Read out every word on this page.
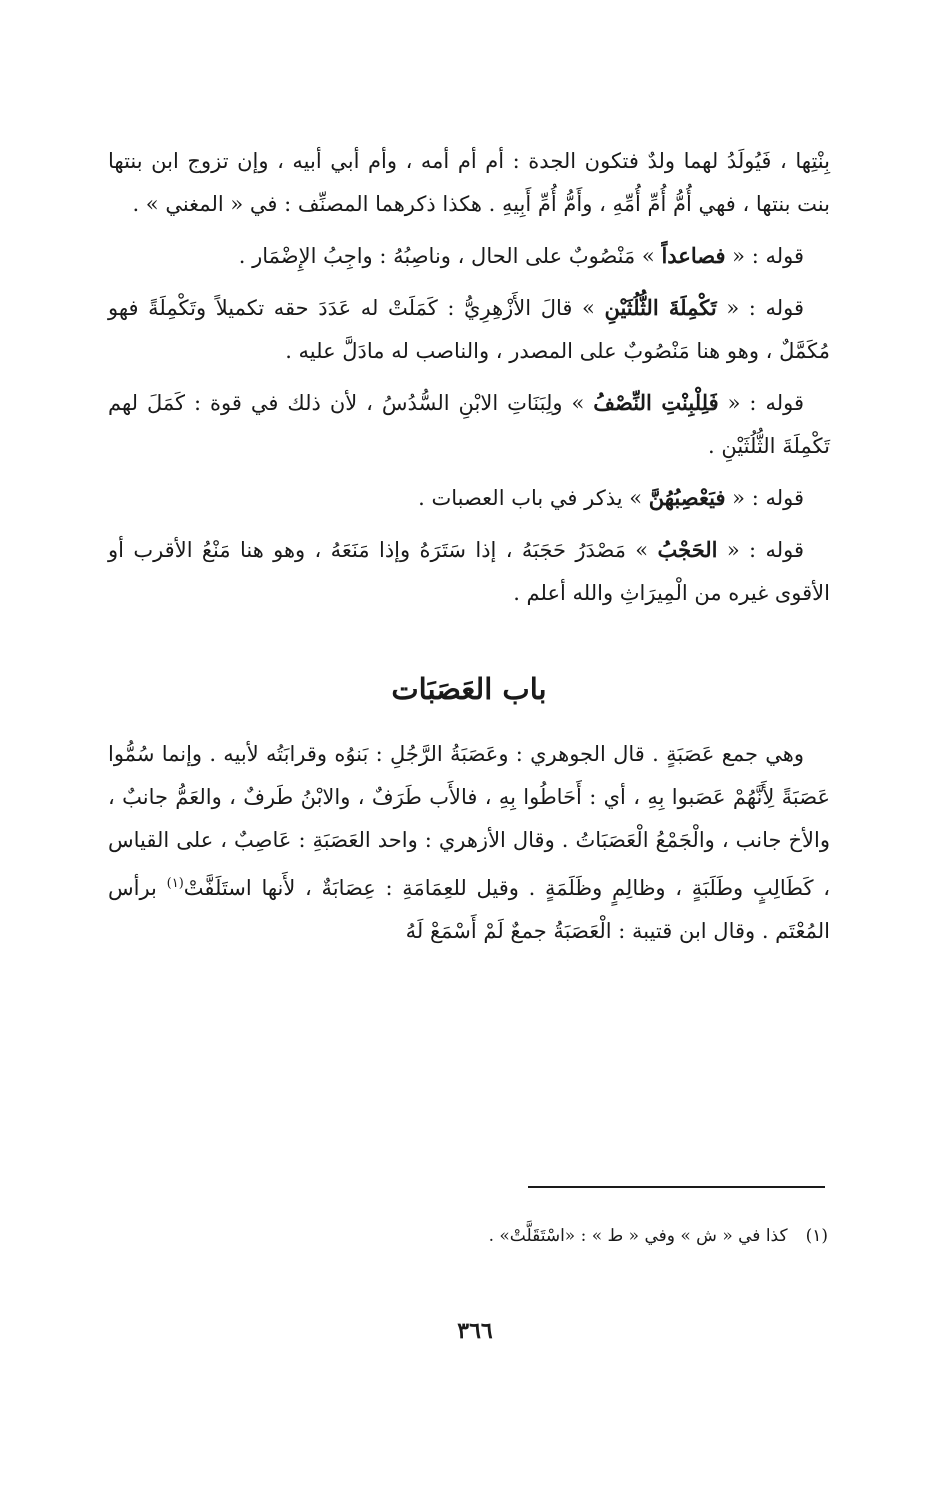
بِنْتِها ، فَيُولَدُ لهما ولدٌ فتكون الجدة : أم أم أمه ، وأم أبي أبيه ، وإن تزوج ابن بنتها بنت بنتها ، فهي أُمُّ أُمِّ أُمِّهِ ، وأَمُّ أُمِّ أَبِيهِ . هكذا ذكرهما المصنِّف : في « المغني » .

قوله : « فصاعداً » مَنْصُوبٌ على الحال ، وناصِبُهُ : واجِبُ الإِضْمَار .

قوله : « تَكْمِلَةَ الثُّلُثَيْنِ » قالَ الأَزْهِرِيُّ : كَمَلَتْ له عَدَدَ حقه تكميلاً وتَكْمِلَةً فهو مُكَمَّلٌ ، وهو هنا مَنْصُوبٌ على المصدر ، والناصب له مادَلَّ عليه .

قوله : « فَلِلْبِنْتِ النِّصْفُ » ولِبَنَاتِ الابْنِ السُّدُسُ ، لأن ذلك في قوة : كَمَلَ لهم تَكْمِلَةَ الثُّلُثَيْنِ .

قوله : « فيَعْصِبُهُنَّ » يذكر في باب العصبات .

قوله : « الحَجْبُ » مَصْدَرُ حَجَبَهُ ، إذا سَتَرَهُ وإذا مَنَعَهُ ، وهو هنا مَنْعُ الأقرب أو الأقوى غيره من الْمِيرَاثِ والله أعلم .

باب العَصَبَات

وهي جمع عَصَبَةٍ . قال الجوهري : وعَصَبَةُ الرَّجُلِ : بَنوُه وقرابَتُه لأبيه . وإنما سُمُّوا عَصَبَةً لِأَنَّهُمْ عَصَبوا بِهِ ، أي : أَحَاطُوا بِهِ ، فالأَب طَرَفٌ ، والابْنُ طَرفٌ ، والعَمُّ جانبٌ ، والأخ جانب ، والْجَمْعُ الْعَصَبَاتُ . وقال الأزهري : واحد العَصَبَةِ : عَاصِبٌ ، على القياس ، كَطَالِبٍ وطَلَبَةٍ ، وظالِمٍ وظَلَمَةٍ . وقيل للعِمَامَةِ : عِصَابَةٌ ، لأَنها استَلَفَّتْ$^{(١)}$ برأس المُعْتَم . وقال ابن قتيبة : الْعَصَبَةُ جمعٌ لَمْ أَسْمَعْ لَهُ

(١)كذا في « ش » وفي « ط » : «اسْتَقَلَّتْ» .
٣٦٦
